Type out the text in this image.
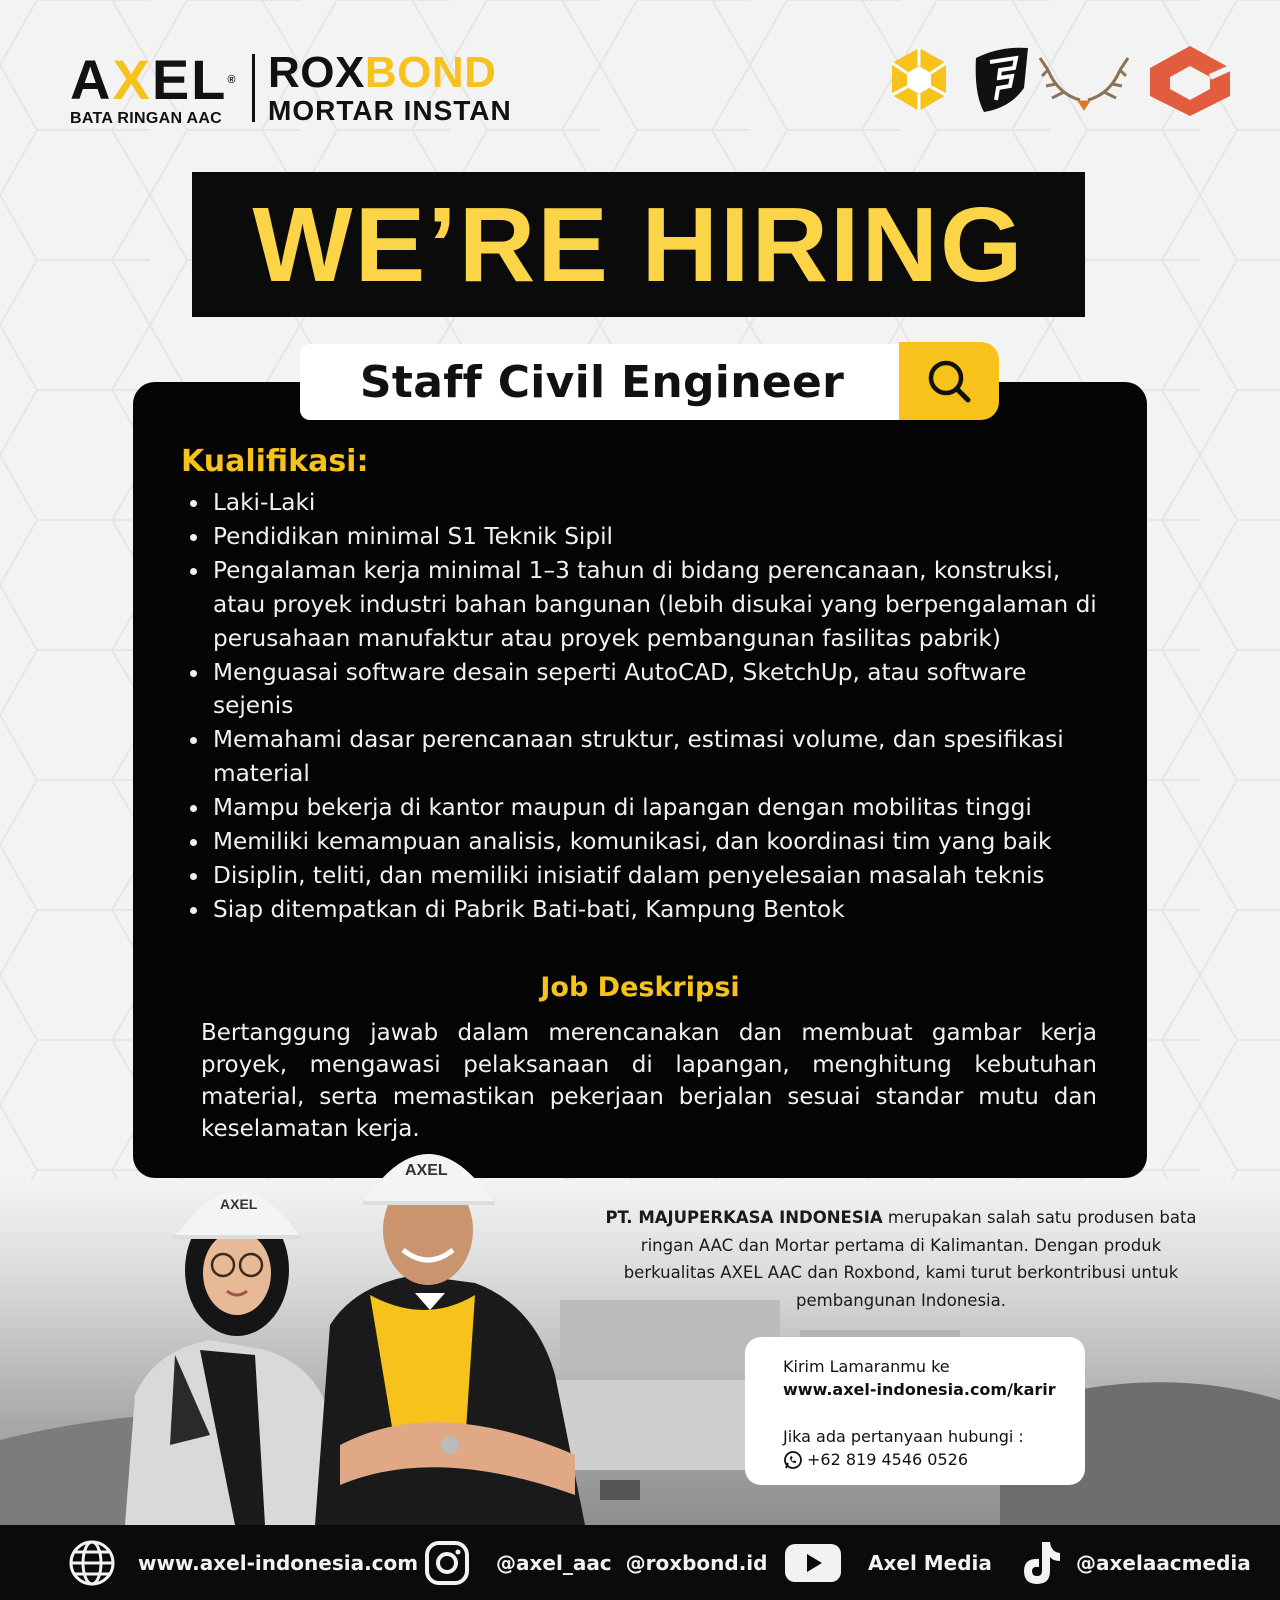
AXEL®
BATA RINGAN AAC
ROXBOND
MORTAR INSTAN
WE’RE HIRING
Staff Civil Engineer
Kualifikasi:
Laki-Laki
Pendidikan minimal S1 Teknik Sipil
Pengalaman kerja minimal 1–3 tahun di bidang perencanaan, konstruksi, atau proyek industri bahan bangunan (lebih disukai yang berpengalaman di perusahaan manufaktur atau proyek pembangunan fasilitas pabrik)
Menguasai software desain seperti AutoCAD, SketchUp, atau software sejenis
Memahami dasar perencanaan struktur, estimasi volume, dan spesifikasi material
Mampu bekerja di kantor maupun di lapangan dengan mobilitas tinggi
Memiliki kemampuan analisis, komunikasi, dan koordinasi tim yang baik
Disiplin, teliti, dan memiliki inisiatif dalam penyelesaian masalah teknis
Siap ditempatkan di Pabrik Bati-bati, Kampung Bentok
Job Deskripsi
Bertanggung jawab dalam merencanakan dan membuat gambar kerja proyek, mengawasi pelaksanaan di lapangan, menghitung kebutuhan material, serta memastikan pekerjaan berjalan sesuai standar mutu dan keselamatan kerja.
AXEL
AXEL
PT. MAJUPERKASA INDONESIA merupakan salah satu produsen bata ringan AAC dan Mortar pertama di Kalimantan. Dengan produk berkualitas AXEL AAC dan Roxbond, kami turut berkontribusi untuk pembangunan Indonesia.
Kirim Lamaranmu ke
www.axel-indonesia.com/karir
Jika ada pertanyaan hubungi :
+62 819 4546 0526
www.axel-indonesia.com	@axel_aac  @roxbond.id	Axel Media	@axelaacmedia
